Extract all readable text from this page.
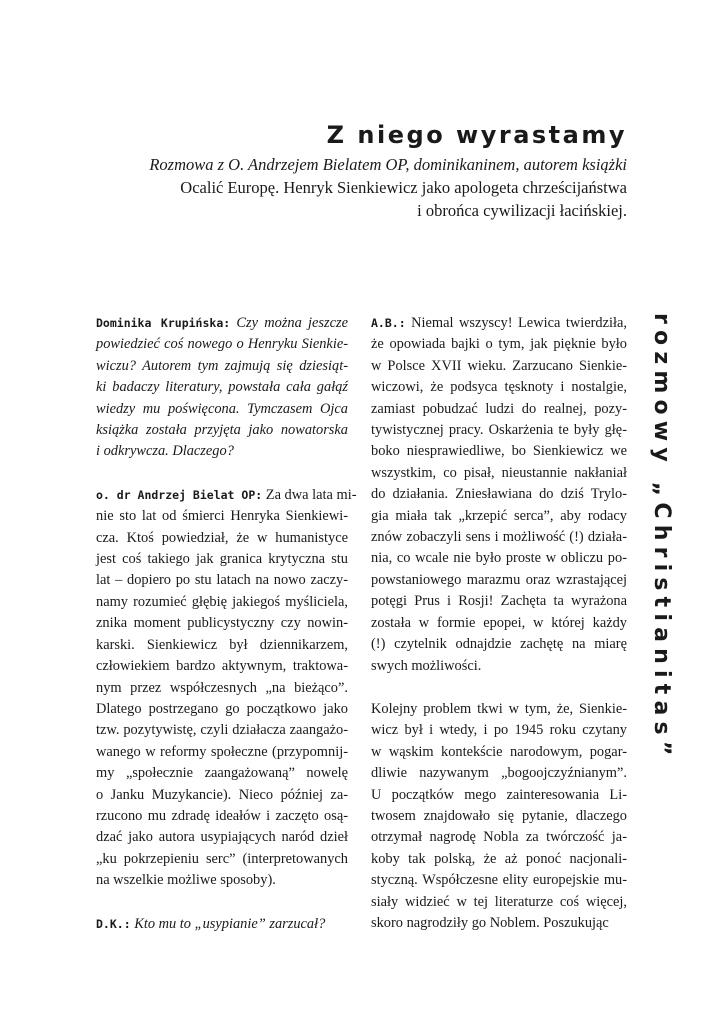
Z niego wyrastamy
Rozmowa z O. Andrzejem Bielatem OP, dominikaninem, autorem książki
Ocalić Europę. Henryk Sienkiewicz jako apologeta chrześcijaństwa
i obrońca cywilizacji łacińskiej.
Dominika Krupińska: Czy można jeszcze
powiedzieć coś nowego o Henryku Sienkie-
wiczu? Autorem tym zajmują się dziesiąt-
ki badaczy literatury, powstała cała gałąź
wiedzy mu poświęcona. Tymczasem Ojca
książka została przyjęta jako nowatorska
i odkrywcza. Dlaczego?
o. dr Andrzej Bielat OP: Za dwa lata mi-
nie sto lat od śmierci Henryka Sienkiewi-
cza. Ktoś powiedział, że w humanistyce
jest coś takiego jak granica krytyczna stu
lat – dopiero po stu latach na nowo zaczy-
namy rozumieć głębię jakiegoś myśliciela,
znika moment publicystyczny czy nowin-
karski. Sienkiewicz był dziennikarzem,
człowiekiem bardzo aktywnym, traktowa-
nym przez współczesnych „na bieżąco”.
Dlatego postrzegano go początkowo jako
tzw. pozytywistę, czyli działacza zaangażo-
wanego w reformy społeczne (przypomnij-
my „społecznie zaangażowaną” nowelę
o Janku Muzykancie). Nieco później za-
rzucono mu zdradę ideałów i zaczęto osą-
dzać jako autora usypiających naród dzieł
„ku pokrzepieniu serc” (interpretowanych
na wszelkie możliwe sposoby).
D.K.: Kto mu to „usypianie” zarzucał?
A.B.: Niemal wszyscy! Lewica twierdziła,
że opowiada bajki o tym, jak pięknie było
w Polsce XVII wieku. Zarzucano Sienkie-
wiczowi, że podsyca tęsknoty i nostalgie,
zamiast pobudzać ludzi do realnej, pozy-
tywistycznej pracy. Oskarżenia te były głę-
boko niesprawiedliwe, bo Sienkiewicz we
wszystkim, co pisał, nieustannie nakłaniał
do działania. Zniesławiana do dziś Trylo-
gia miała tak „krzepić serca”, aby rodacy
znów zobaczyli sens i możliwość (!) działa-
nia, co wcale nie było proste w obliczu po-
powstaniowego marazmu oraz wzrastającej
potęgi Prus i Rosji! Zachęta ta wyrażona
została w formie epopei, w której każdy
(!) czytelnik odnajdzie zachętę na miarę
swych możliwości.
Kolejny problem tkwi w tym, że, Sienkie-
wicz był i wtedy, i po 1945 roku czytany
w wąskim kontekście narodowym, pogar-
dliwie nazywanym „bogoojczyźnianym”.
U początków mego zainteresowania Li-
twosem znajdowało się pytanie, dlaczego
otrzymał nagrodę Nobla za twórczość ja-
koby tak polską, że aż ponoć nacjonali-
styczną. Współczesne elity europejskie mu-
siały widzieć w tej literaturze coś więcej,
skoro nagrodziły go Noblem. Poszukując
rozmowy „Christianitas”
